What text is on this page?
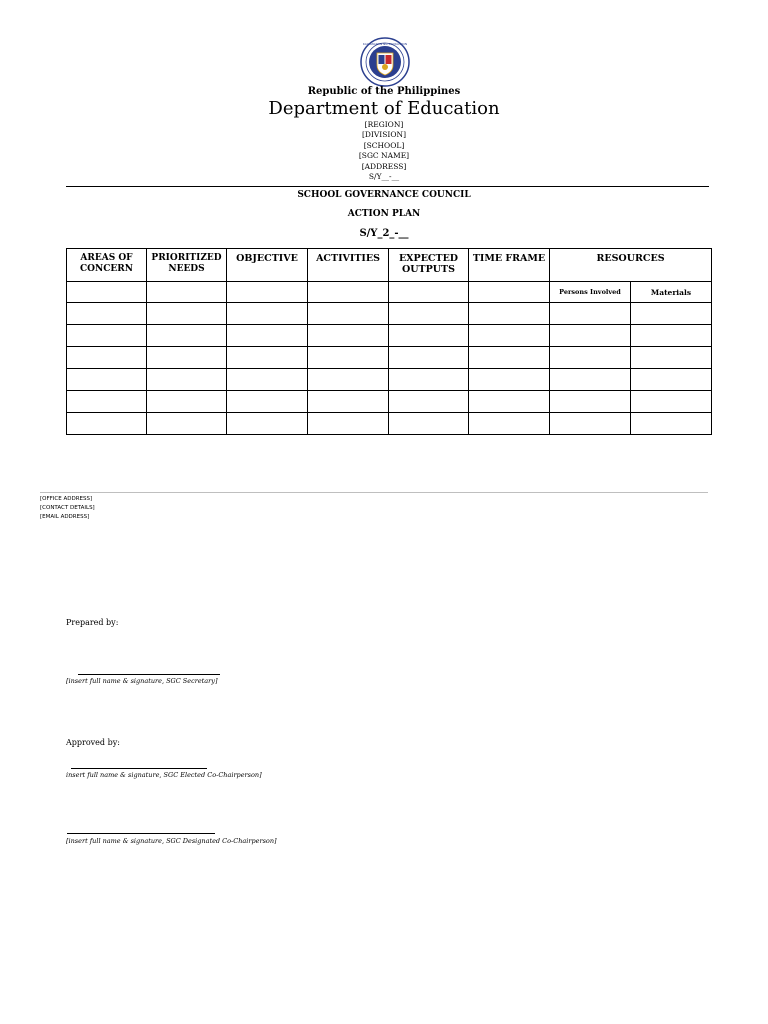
KAGAWARAN NG EDUKASYON
Republic of the Philippines
Department of Education
[REGION]
[DIVISION]
[SCHOOL]
[SGC NAME]
[ADDRESS]
S/Y__-__
SCHOOL GOVERNANCE COUNCIL
ACTION PLAN
S/Y_2_-__
AREAS OF CONCERN	PRIORITIZED NEEDS	OBJECTIVE	ACTIVITIES	EXPECTED OUTPUTS	TIME FRAME	RESOURCES	
						Persons Involved	Materials

[OFFICE ADDRESS]
[CONTACT DETAILS]
[EMAIL ADDRESS]
Prepared by:
[insert full name & signature, SGC Secretary]
Approved by:
insert full name & signature, SGC Elected Co-Chairperson]
[insert full name & signature, SGC Designated Co-Chairperson]
